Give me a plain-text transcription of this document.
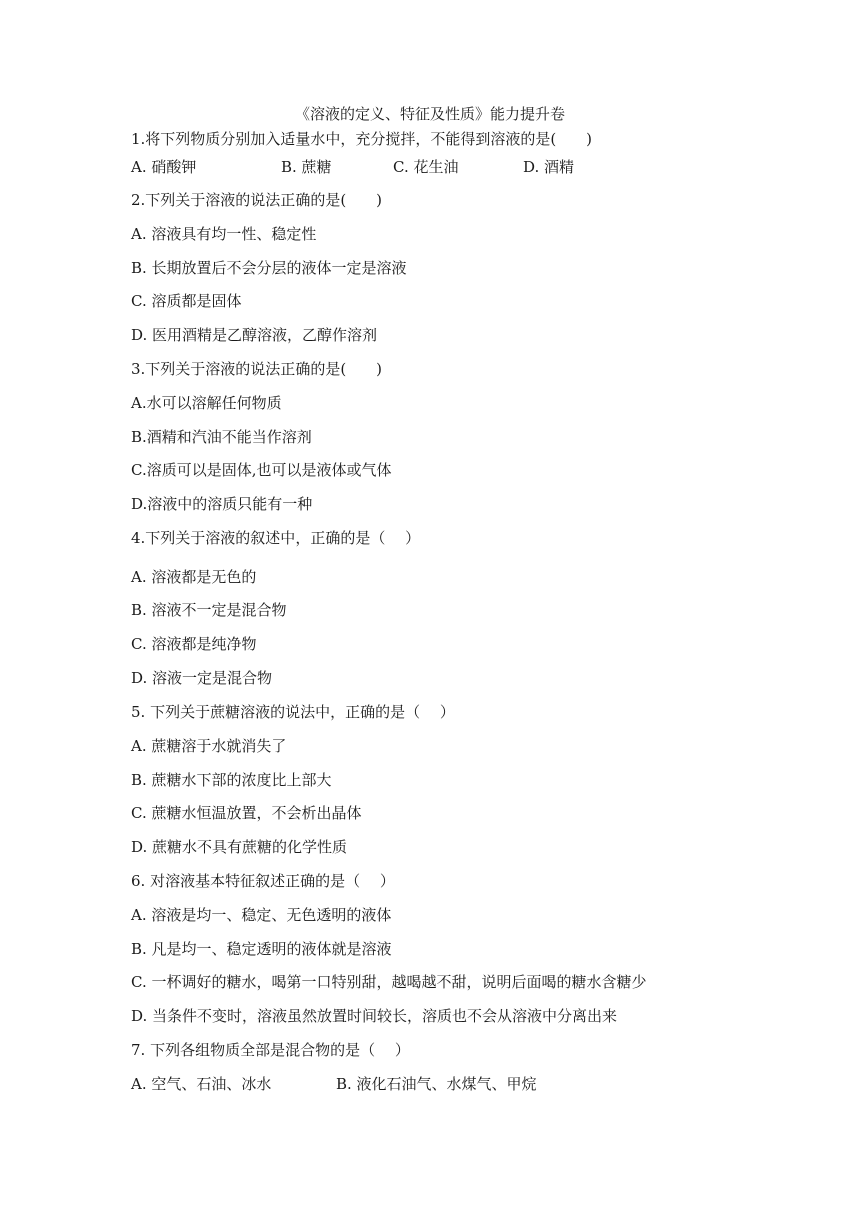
《溶液的定义、特征及性质》能力提升卷
1.将下列物质分别加入适量水中，充分搅拌，不能得到溶液的是(　　)
A. 硝酸钾	B. 蔗糖	C. 花生油	D. 酒精
2.下列关于溶液的说法正确的是(　　)
A. 溶液具有均一性、稳定性
B. 长期放置后不会分层的液体一定是溶液
C. 溶质都是固体
D. 医用酒精是乙醇溶液，乙醇作溶剂
3.下列关于溶液的说法正确的是(　　)
A.水可以溶解任何物质
B.酒精和汽油不能当作溶剂
C.溶质可以是固体,也可以是液体或气体
D.溶液中的溶质只能有一种
4.下列关于溶液的叙述中，正确的是（　 ）
A. 溶液都是无色的
B. 溶液不一定是混合物
C. 溶液都是纯净物
D. 溶液一定是混合物
5. 下列关于蔗糖溶液的说法中，正确的是（　 ）
A. 蔗糖溶于水就消失了
B. 蔗糖水下部的浓度比上部大
C. 蔗糖水恒温放置，不会析出晶体
D. 蔗糖水不具有蔗糖的化学性质
6. 对溶液基本特征叙述正确的是（　 ）
A. 溶液是均一、稳定、无色透明的液体
B. 凡是均一、稳定透明的液体就是溶液
C. 一杯调好的糖水，喝第一口特别甜，越喝越不甜，说明后面喝的糖水含糖少
D. 当条件不变时，溶液虽然放置时间较长，溶质也不会从溶液中分离出来
7. 下列各组物质全部是混合物的是（　 ）
A. 空气、石油、冰水	B. 液化石油气、水煤气、甲烷
